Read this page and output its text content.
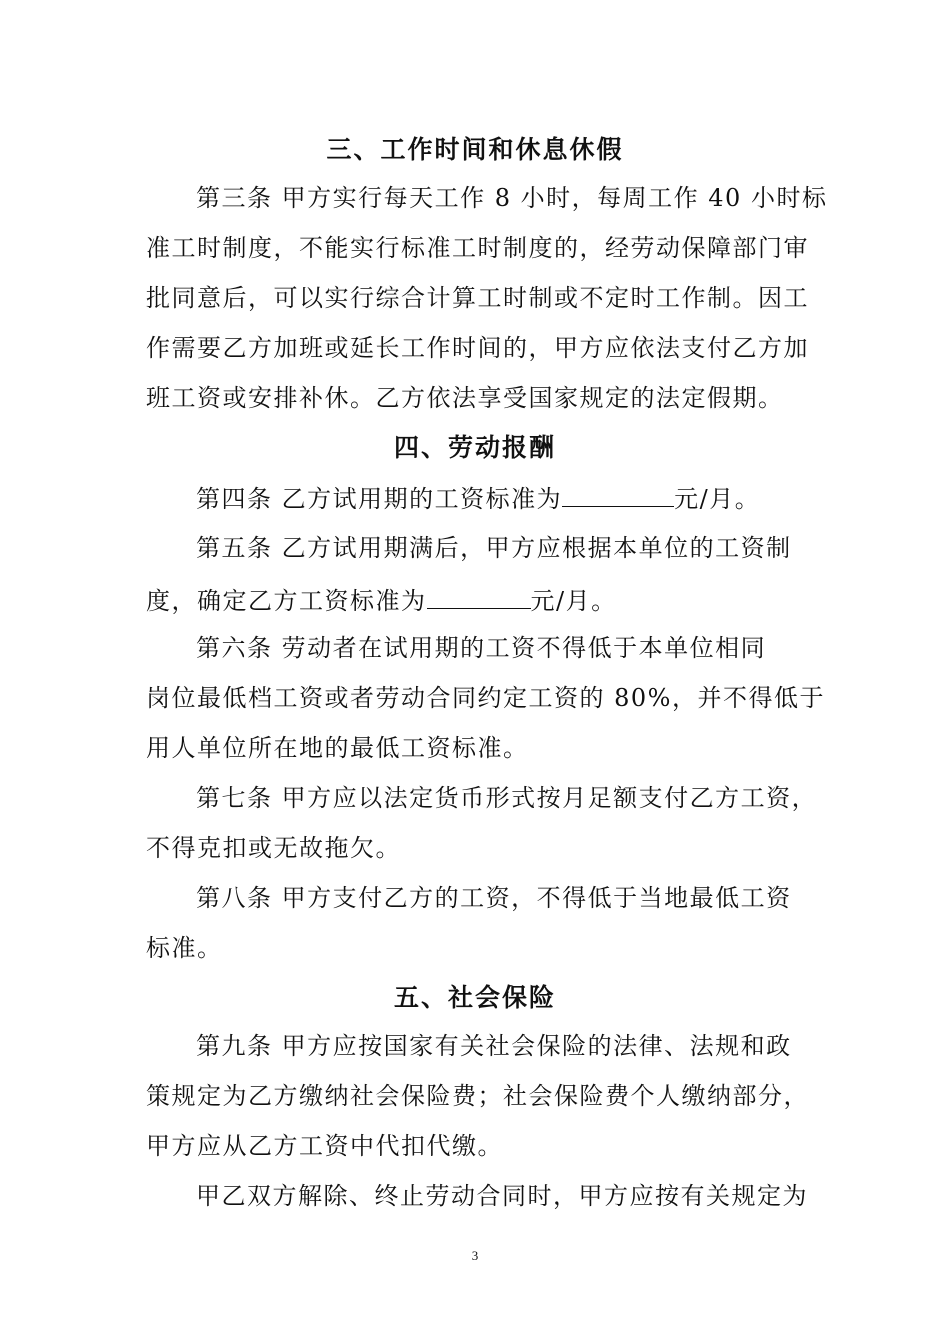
三、工作时间和休息休假
第三条 甲方实行每天工作 8 小时，每周工作 40 小时标
准工时制度，不能实行标准工时制度的，经劳动保障部门审
批同意后，可以实行综合计算工时制或不定时工作制。因工
作需要乙方加班或延长工作时间的，甲方应依法支付乙方加
班工资或安排补休。乙方依法享受国家规定的法定假期。
四、劳动报酬
第四条 乙方试用期的工资标准为	元/月。
第五条 乙方试用期满后，甲方应根据本单位的工资制
度，确定乙方工资标准为	元/月。
第六条 劳动者在试用期的工资不得低于本单位相同
岗位最低档工资或者劳动合同约定工资的 80%，并不得低于
用人单位所在地的最低工资标准。
第七条 甲方应以法定货币形式按月足额支付乙方工资，
不得克扣或无故拖欠。
第八条 甲方支付乙方的工资，不得低于当地最低工资
标准。
五、社会保险
第九条 甲方应按国家有关社会保险的法律、法规和政
策规定为乙方缴纳社会保险费；社会保险费个人缴纳部分，
甲方应从乙方工资中代扣代缴。
甲乙双方解除、终止劳动合同时，甲方应按有关规定为
3
